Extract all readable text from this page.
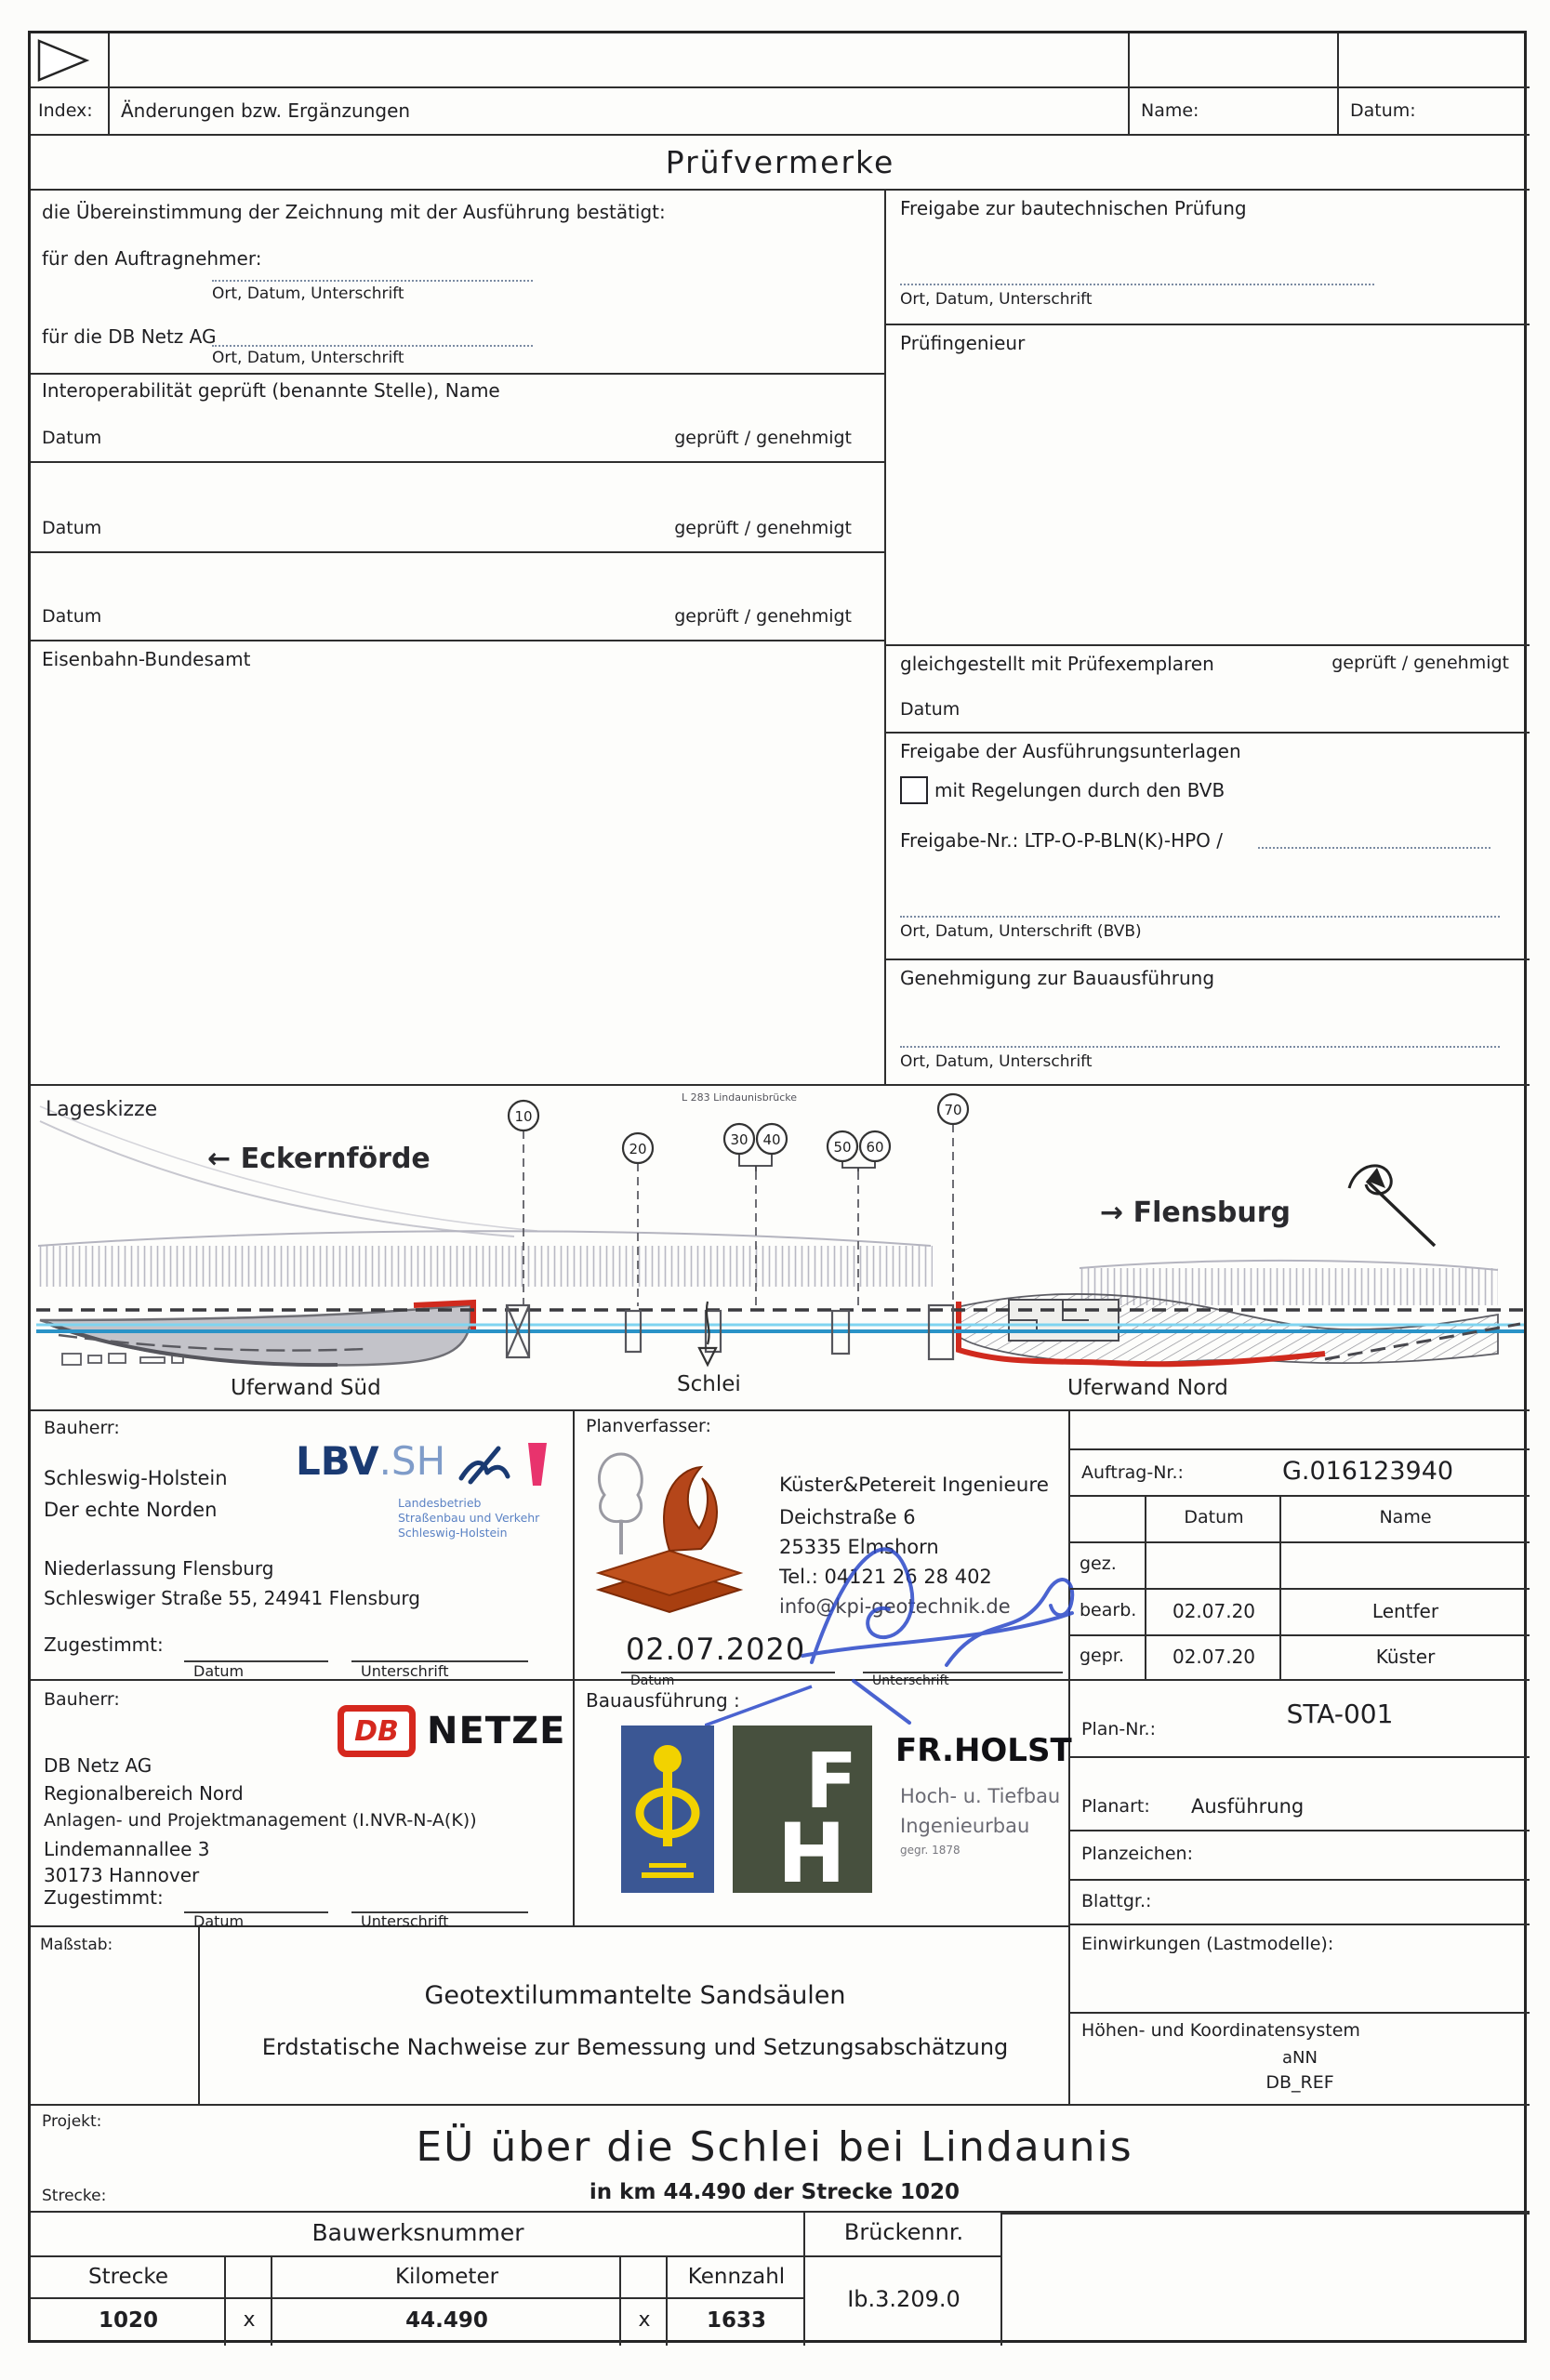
Index: Änderungen bzw. Ergänzungen	Name:	Datum:
Prüfvermerke
die Übereinstimmung der Zeichnung mit der Ausführung bestätigt:
für den Auftragnehmer:
Ort, Datum, Unterschrift
für die DB Netz AG
Ort, Datum, Unterschrift
Interoperabilität geprüft (benannte Stelle), Name
Datum	geprüft / genehmigt
Datum	geprüft / genehmigt
Datum	geprüft / genehmigt
Eisenbahn-Bundesamt
Freigabe zur bautechnischen Prüfung
Ort, Datum, Unterschrift
Prüfingenieur
gleichgestellt mit Prüfexemplaren	geprüft / genehmigt
Datum
Freigabe der Ausführungsunterlagen
mit Regelungen durch den BVB
Freigabe-Nr.: LTP-O-P-BLN(K)-HPO /
Ort, Datum, Unterschrift (BVB)
Genehmigung zur Bauausführung
Ort, Datum, Unterschrift
10
20
30 40	50 60
70
Lageskizze
L 283 Lindaunisbrücke
← Eckernförde
→ Flensburg
Uferwand Süd	Schlei	Uferwand Nord
Bauherr:
Schleswig-Holstein
Der echte Norden
LBV.SH
Landesbetrieb
Straßenbau und Verkehr
Schleswig-Holstein
Niederlassung Flensburg
Schleswiger Straße 55, 24941 Flensburg
Zugestimmt:
Datum	Unterschrift
Planverfasser:
Küster&Petereit Ingenieure
Deichstraße 6
25335 Elmshorn
Tel.: 04121 26 28 402
info@kpi-geotechnik.de
02.07.2020
Datum	Unterschrift
Auftrag-Nr.:	G.016123940
Datum	Name
gez.
bearb.	02.07.20	Lentfer
gepr.	02.07.20	Küster
Bauherr:
DB NETZE
DB Netz AG
Regionalbereich Nord
Anlagen- und Projektmanagement (I.NVR-N-A(K))
Lindemannallee 3
30173 Hannover
Zugestimmt:
Datum	Unterschrift
Bauausführung :
F
H
FR.HOLST
Hoch- u. Tiefbau
Ingenieurbau
gegr. 1878
Plan-Nr.:	STA-001
Planart: Ausführung
Planzeichen:
Blattgr.:
Einwirkungen (Lastmodelle):
Höhen- und Koordinatensystem
aNN
DB_REF
Maßstab:
Geotextilummantelte Sandsäulen
Erdstatische Nachweise zur Bemessung und Setzungsabschätzung
Projekt:
EÜ über die Schlei bei Lindaunis
Strecke:	in km 44.490 der Strecke 1020
Bauwerksnummer	Brückennr.
Ib.3.209.0
Strecke	Kilometer	Kennzahl
1020	x	44.490	x	1633
